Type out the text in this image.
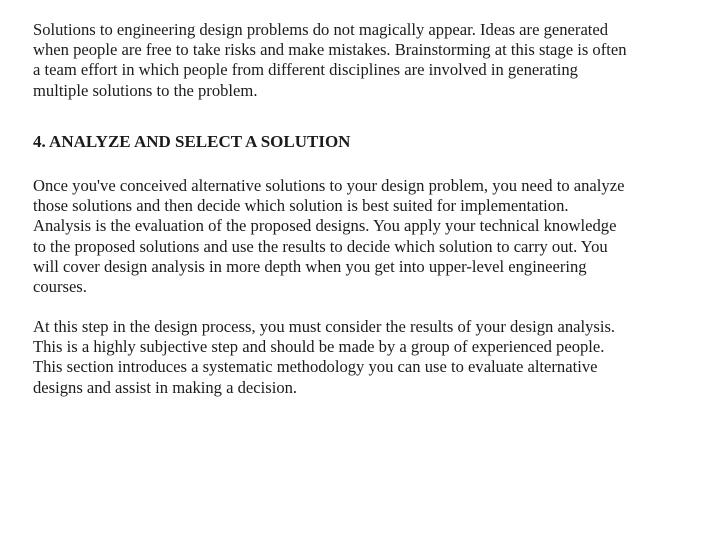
Solutions to engineering design problems do not magically appear. Ideas are generated
when people are free to take risks and make mistakes. Brainstorming at this stage is often
a team effort in which people from different disciplines are involved in generating
multiple solutions to the problem.
4. ANALYZE AND SELECT A SOLUTION
Once you've conceived alternative solutions to your design problem, you need to analyze
those solutions and then decide which solution is best suited for implementation.
Analysis is the evaluation of the proposed designs. You apply your technical knowledge
to the proposed solutions and use the results to decide which solution to carry out. You
will cover design analysis in more depth when you get into upper-level engineering
courses.
At this step in the design process, you must consider the results of your design analysis.
This is a highly subjective step and should be made by a group of experienced people.
This section introduces a systematic methodology you can use to evaluate alternative
designs and assist in making a decision.
